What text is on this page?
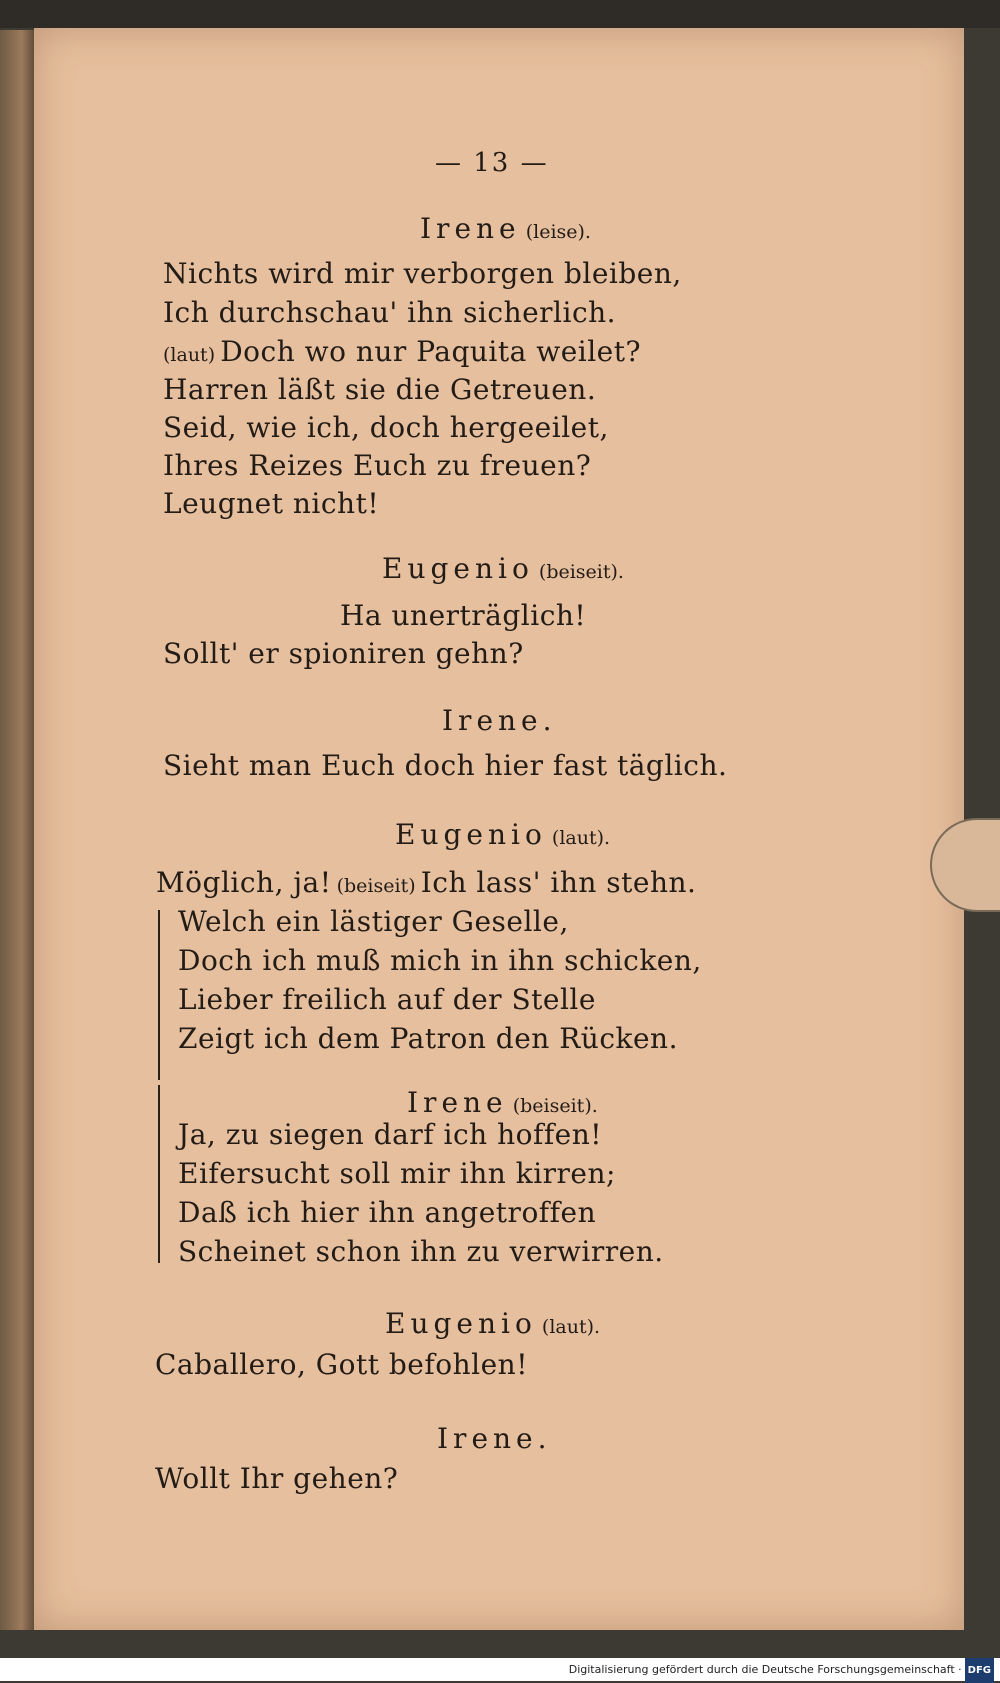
— 13 —
Irene (leise).
Nichts wird mir verborgen bleiben,
Ich durchschau' ihn sicherlich.
(laut) Doch wo nur Paquita weilet?
Harren läßt sie die Getreuen.
Seid, wie ich, doch hergeeilet,
Ihres Reizes Euch zu freuen?
Leugnet nicht!
Eugenio (beiseit).
Ha unerträglich!
Sollt' er spioniren gehn?
Irene.
Sieht man Euch doch hier fast täglich.
Eugenio (laut).
Möglich, ja! (beiseit) Ich lass' ihn stehn.
Welch ein lästiger Geselle,
Doch ich muß mich in ihn schicken,
Lieber freilich auf der Stelle
Zeigt ich dem Patron den Rücken.
Irene (beiseit).
Ja, zu siegen darf ich hoffen!
Eifersucht soll mir ihn kirren;
Daß ich hier ihn angetroffen
Scheinet schon ihn zu verwirren.
Eugenio (laut).
Caballero, Gott befohlen!
Irene.
Wollt Ihr gehen?
Digitalisierung gefördert durch die Deutsche Forschungsgemeinschaft · DFG
